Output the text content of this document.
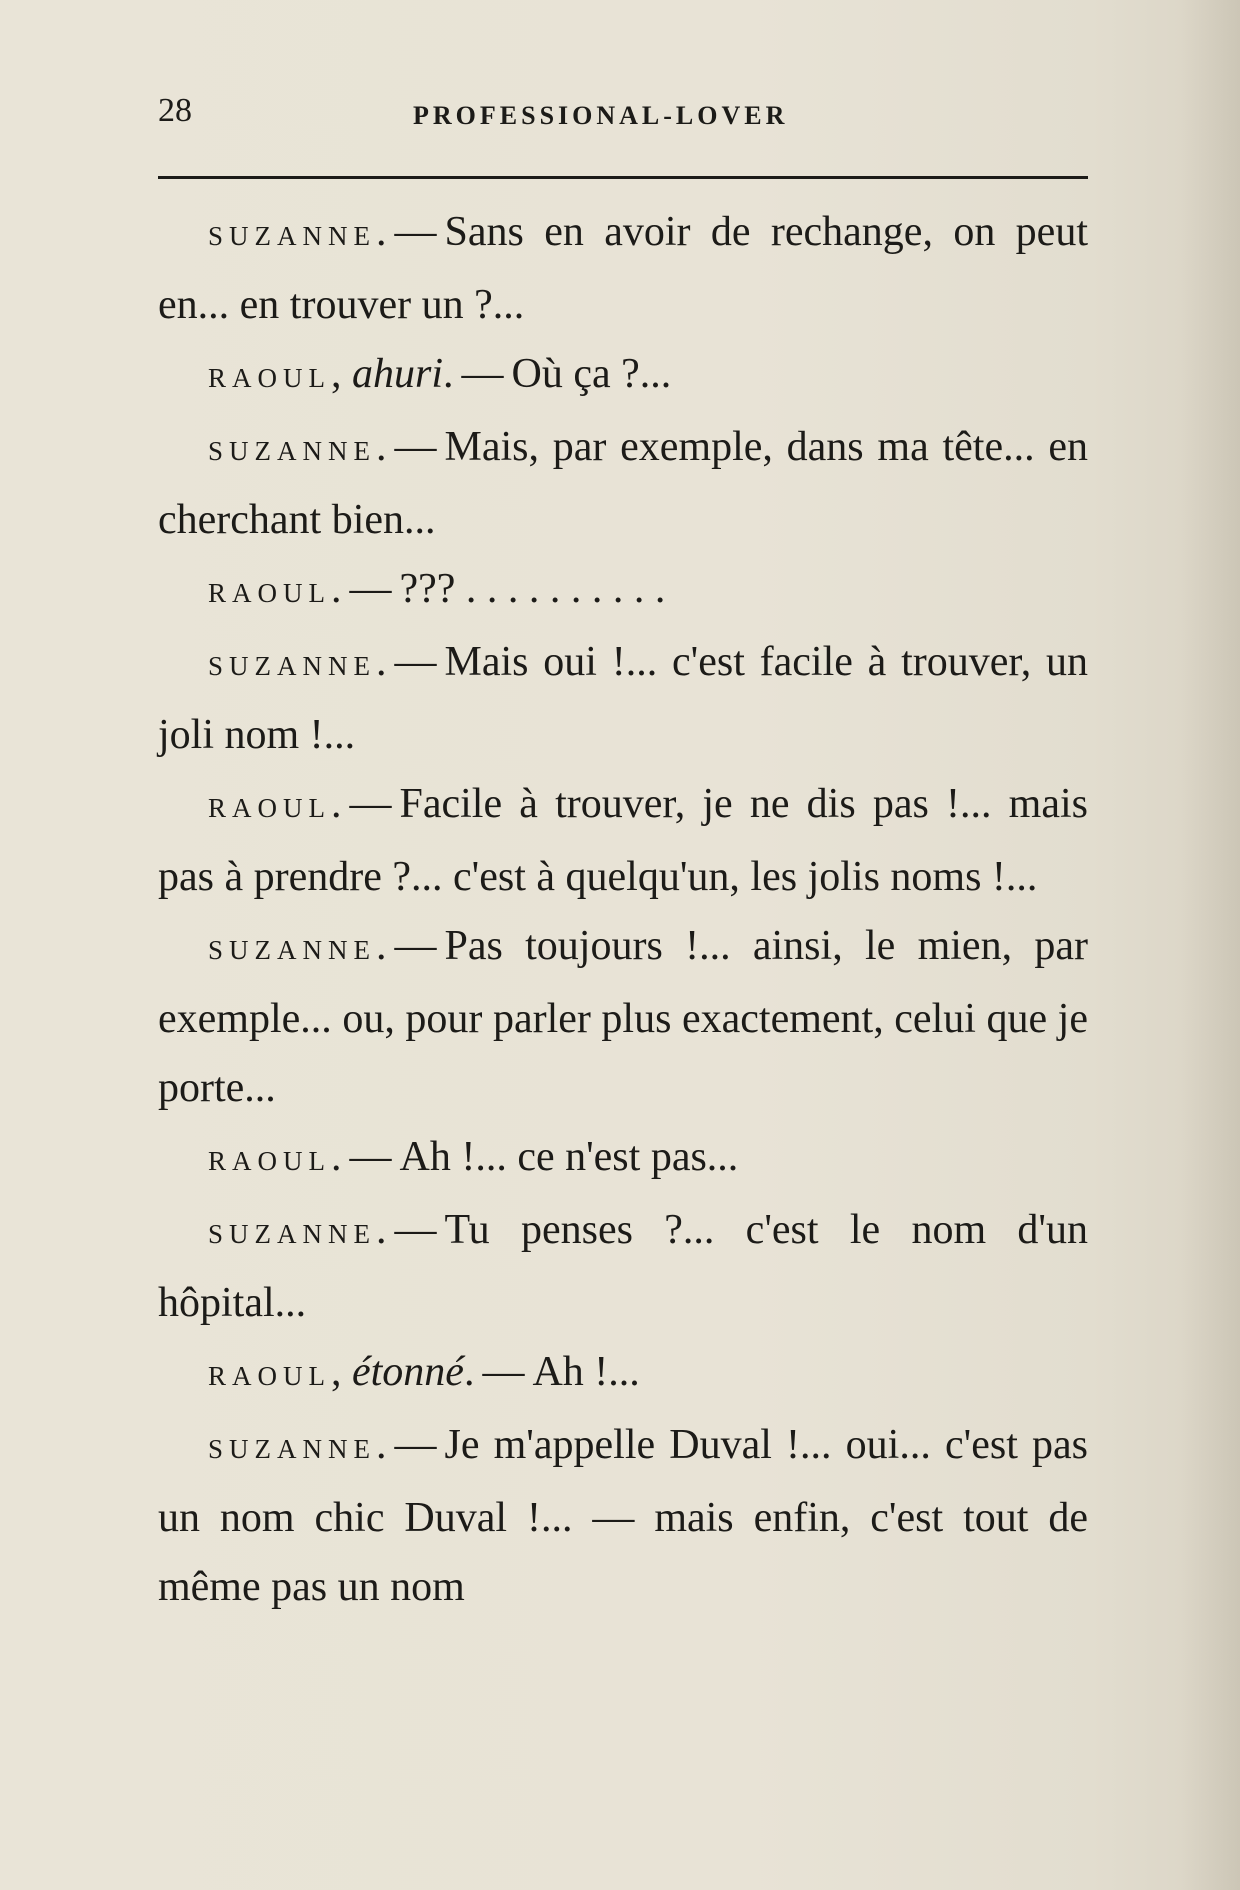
28	PROFESSIONAL-LOVER

SUZANNE. — Sans en avoir de rechange, on peut en... en trouver un ?...

RAOUL, ahuri. — Où ça ?...

SUZANNE. — Mais, par exemple, dans ma tête... en cherchant bien...

RAOUL. — ??? . . . . . . . . . .

SUZANNE. — Mais oui !... c'est facile à trouver, un joli nom !...

RAOUL. — Facile à trouver, je ne dis pas !... mais pas à prendre ?... c'est à quelqu'un, les jolis noms !...

SUZANNE. — Pas toujours !... ainsi, le mien, par exemple... ou, pour parler plus exactement, celui que je porte...

RAOUL. — Ah !... ce n'est pas...

SUZANNE. — Tu penses ?... c'est le nom d'un hôpital...

RAOUL, étonné. — Ah !...

SUZANNE. — Je m'appelle Duval !... oui... c'est pas un nom chic Duval !... — mais enfin, c'est tout de même pas un nom
